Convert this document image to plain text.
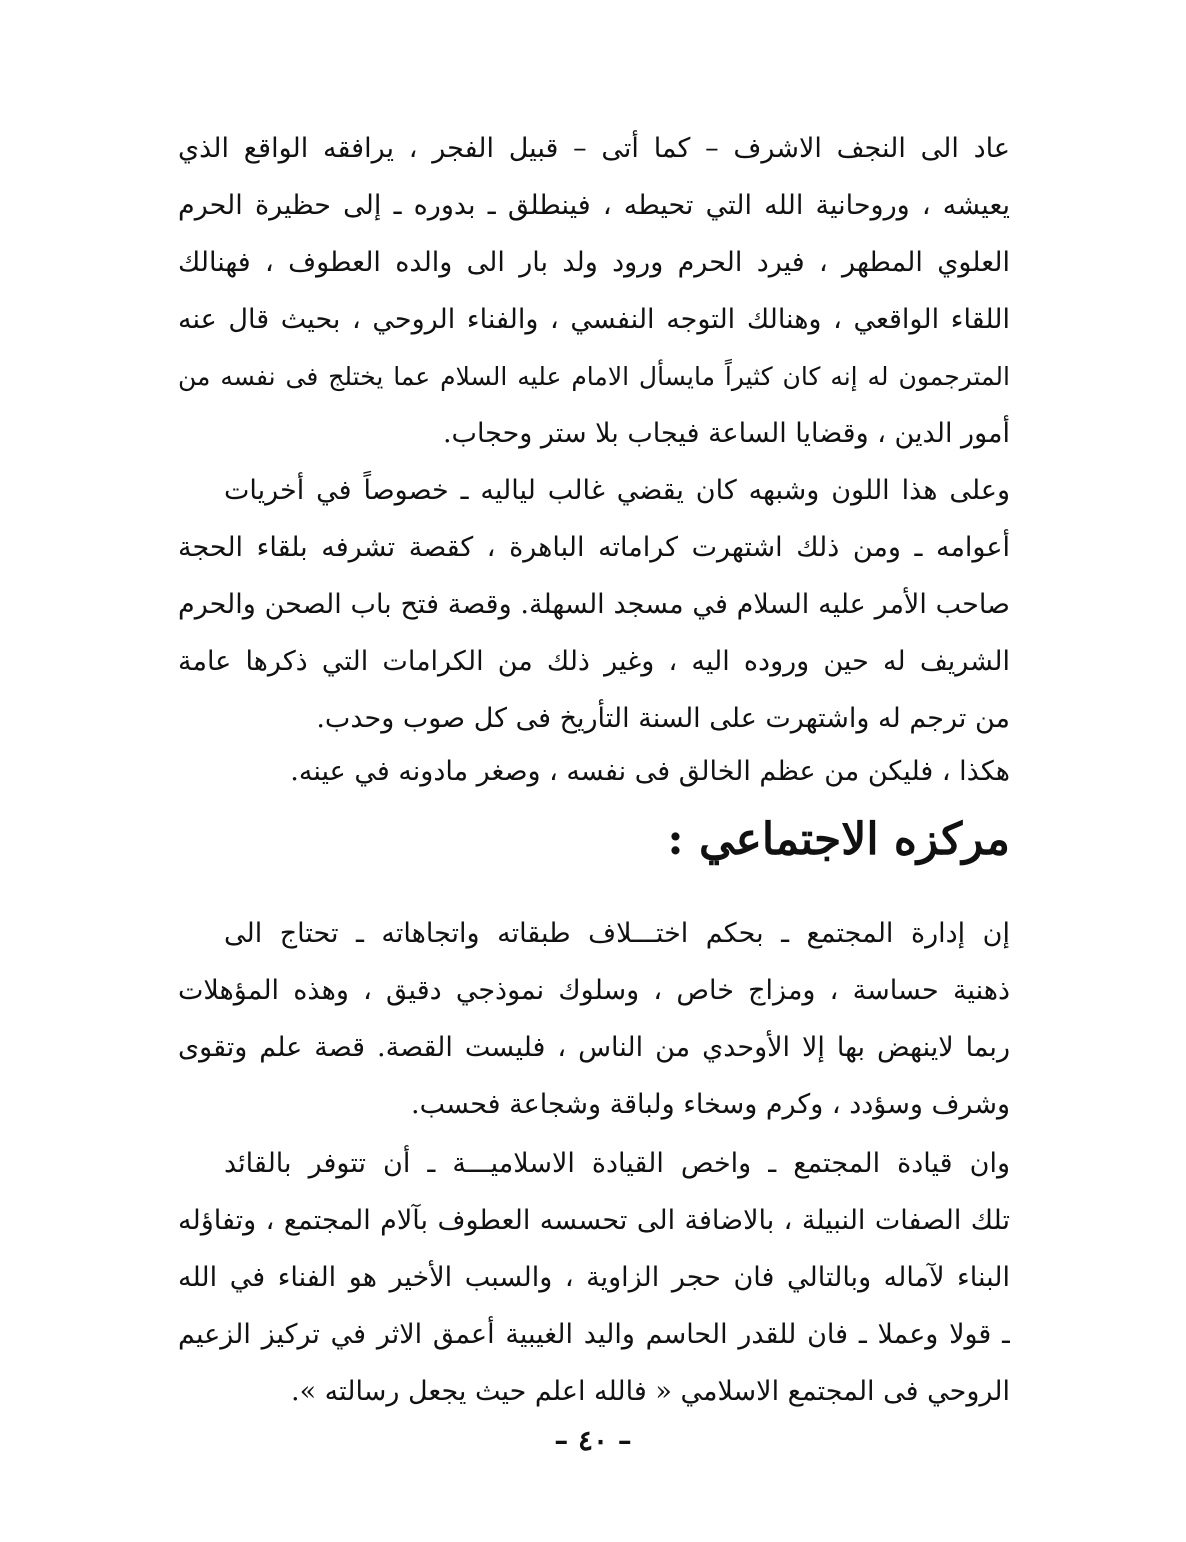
عاد الى النجف الاشرف – كما أتى – قبيل الفجر ، يرافقه الواقع الذي
يعيشه ، وروحانية الله التي تحيطه ، فينطلق ـ بدوره ـ إلى حظيرة الحرم
العلوي المطهر ، فيرد الحرم ورود ولد بار الى والده العطوف ، فهنالك
اللقاء الواقعي ، وهنالك التوجه النفسي ، والفناء الروحي ، بحيث قال عنه
المترجمون له إنه كان كثيراً مايسأل الامام عليه السلام عما يختلج فى نفسه من
أمور الدين ، وقضايا الساعة فيجاب بلا ستر وحجاب.
وعلى هذا اللون وشبهه كان يقضي غالب لياليه ـ خصوصاً في أخريات
أعوامه ـ ومن ذلك اشتهرت كراماته الباهرة ، كقصة تشرفه بلقاء الحجة
صاحب الأمر عليه السلام في مسجد السهلة. وقصة فتح باب الصحن والحرم
الشريف له حين وروده اليه ، وغير ذلك من الكرامات التي ذكرها عامة
من ترجم له واشتهرت على السنة التأريخ فى كل صوب وحدب.
هكذا ، فليكن من عظم الخالق فى نفسه ، وصغر مادونه في عينه.
مركزه الاجتماعي :
إن إدارة المجتمع ـ بحكم اختـــلاف طبقاته واتجاهاته ـ تحتاج الى
ذهنية حساسة ، ومزاج خاص ، وسلوك نموذجي دقيق ، وهذه المؤهلات
ربما لاينهض بها إلا الأوحدي من الناس ، فليست القصة. قصة علم وتقوى
وشرف وسؤدد ، وكرم وسخاء ولباقة وشجاعة فحسب.
وان قيادة المجتمع ـ واخص القيادة الاسلاميـــة ـ أن تتوفر بالقائد
تلك الصفات النبيلة ، بالاضافة الى تحسسه العطوف بآلام المجتمع ، وتفاؤله
البناء لآماله وبالتالي فان حجر الزاوية ، والسبب الأخير هو الفناء في الله
ـ قولا وعملا ـ فان للقدر الحاسم واليد الغيبية أعمق الاثر في تركيز الزعيم
الروحي فى المجتمع الاسلامي « فالله اعلم حيث يجعل رسالته ».
– ٤٠ –
